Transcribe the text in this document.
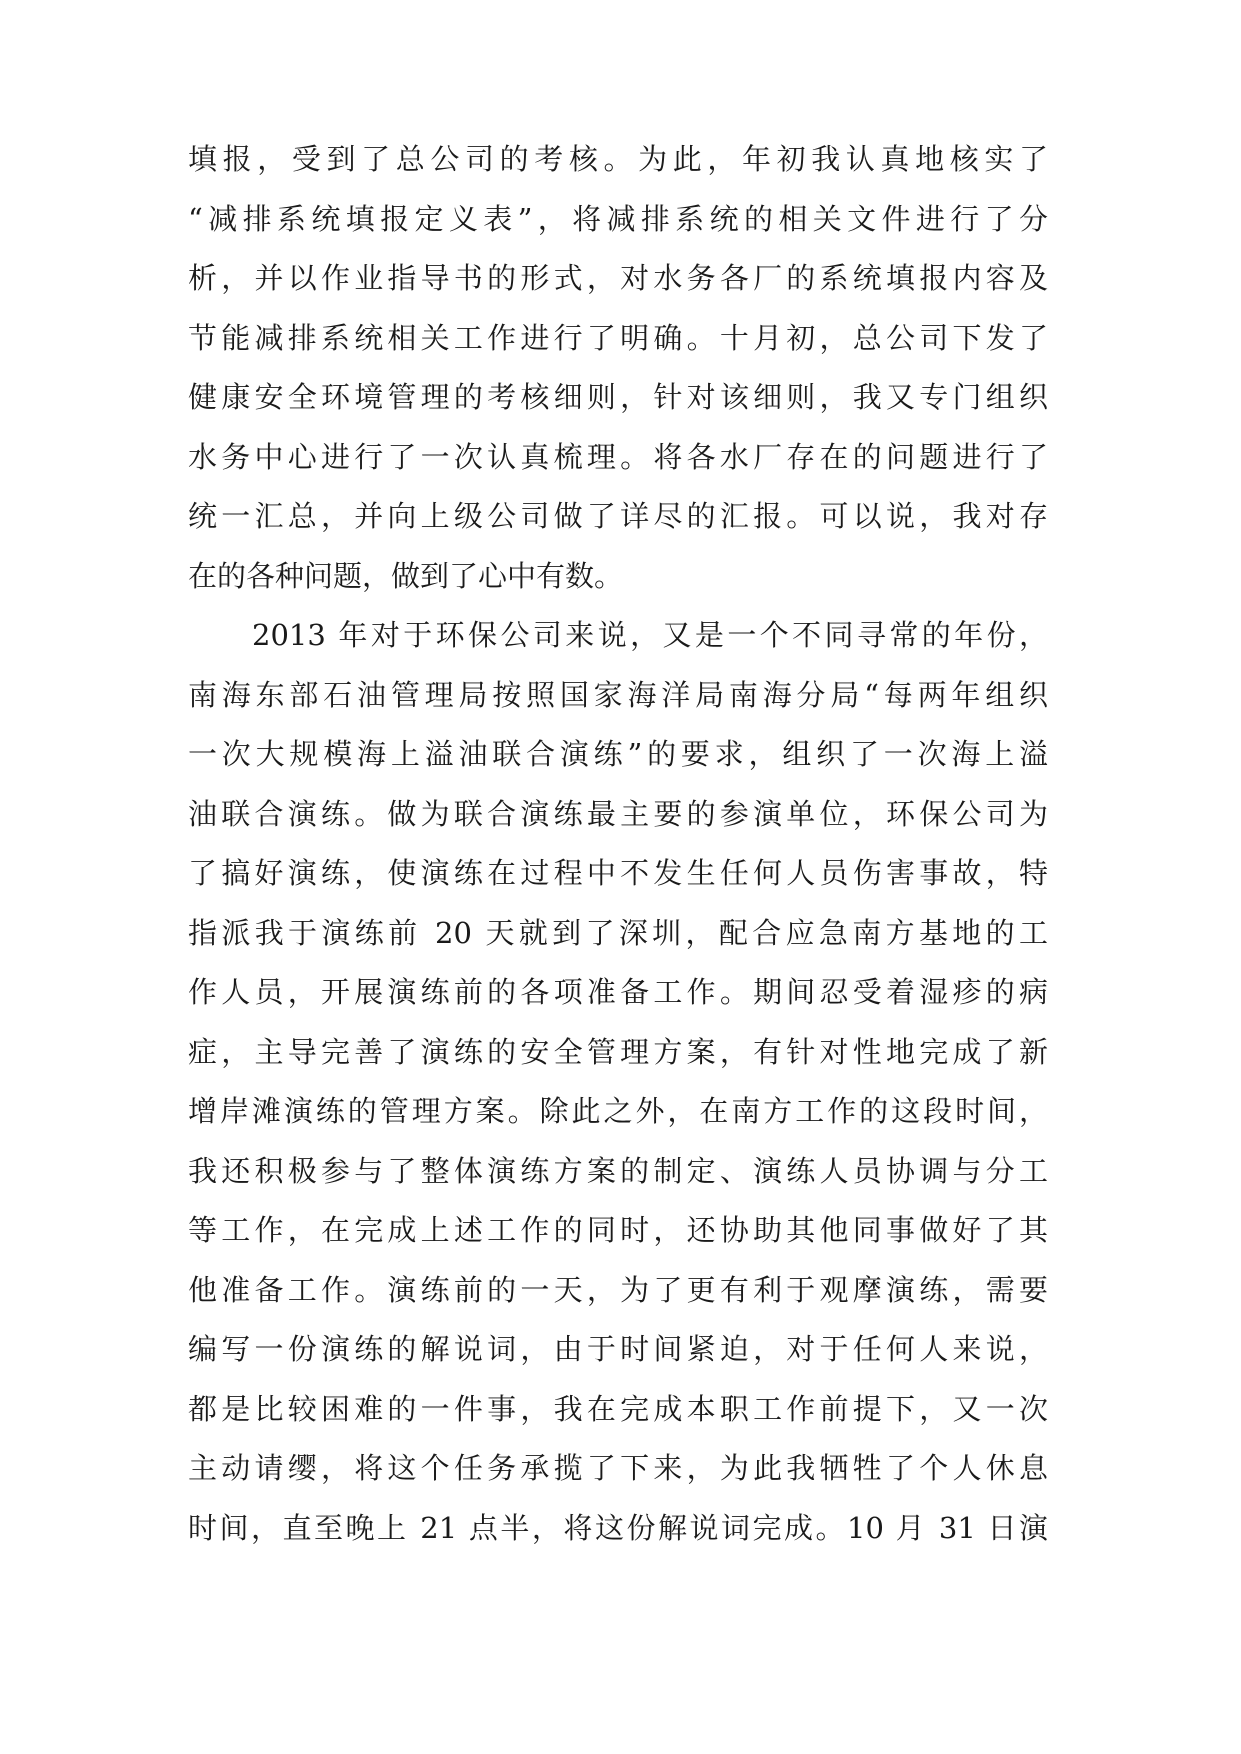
填报，受到了总公司的考核。为此，年初我认真地核实了
“减排系统填报定义表”，将减排系统的相关文件进行了分
析，并以作业指导书的形式，对水务各厂的系统填报内容及
节能减排系统相关工作进行了明确。十月初，总公司下发了
健康安全环境管理的考核细则，针对该细则，我又专门组织
水务中心进行了一次认真梳理。将各水厂存在的问题进行了
统一汇总，并向上级公司做了详尽的汇报。可以说，我对存
在的各种问题，做到了心中有数。
2013 年对于环保公司来说，又是一个不同寻常的年份，
南海东部石油管理局按照国家海洋局南海分局“每两年组织
一次大规模海上溢油联合演练”的要求，组织了一次海上溢
油联合演练。做为联合演练最主要的参演单位，环保公司为
了搞好演练，使演练在过程中不发生任何人员伤害事故，特
指派我于演练前 20 天就到了深圳，配合应急南方基地的工
作人员，开展演练前的各项准备工作。期间忍受着湿疹的病
症，主导完善了演练的安全管理方案，有针对性地完成了新
增岸滩演练的管理方案。除此之外，在南方工作的这段时间，
我还积极参与了整体演练方案的制定、演练人员协调与分工
等工作，在完成上述工作的同时，还协助其他同事做好了其
他准备工作。演练前的一天，为了更有利于观摩演练，需要
编写一份演练的解说词，由于时间紧迫，对于任何人来说，
都是比较困难的一件事，我在完成本职工作前提下，又一次
主动请缨，将这个任务承揽了下来，为此我牺牲了个人休息
时间，直至晚上 21 点半，将这份解说词完成。10 月 31 日演
